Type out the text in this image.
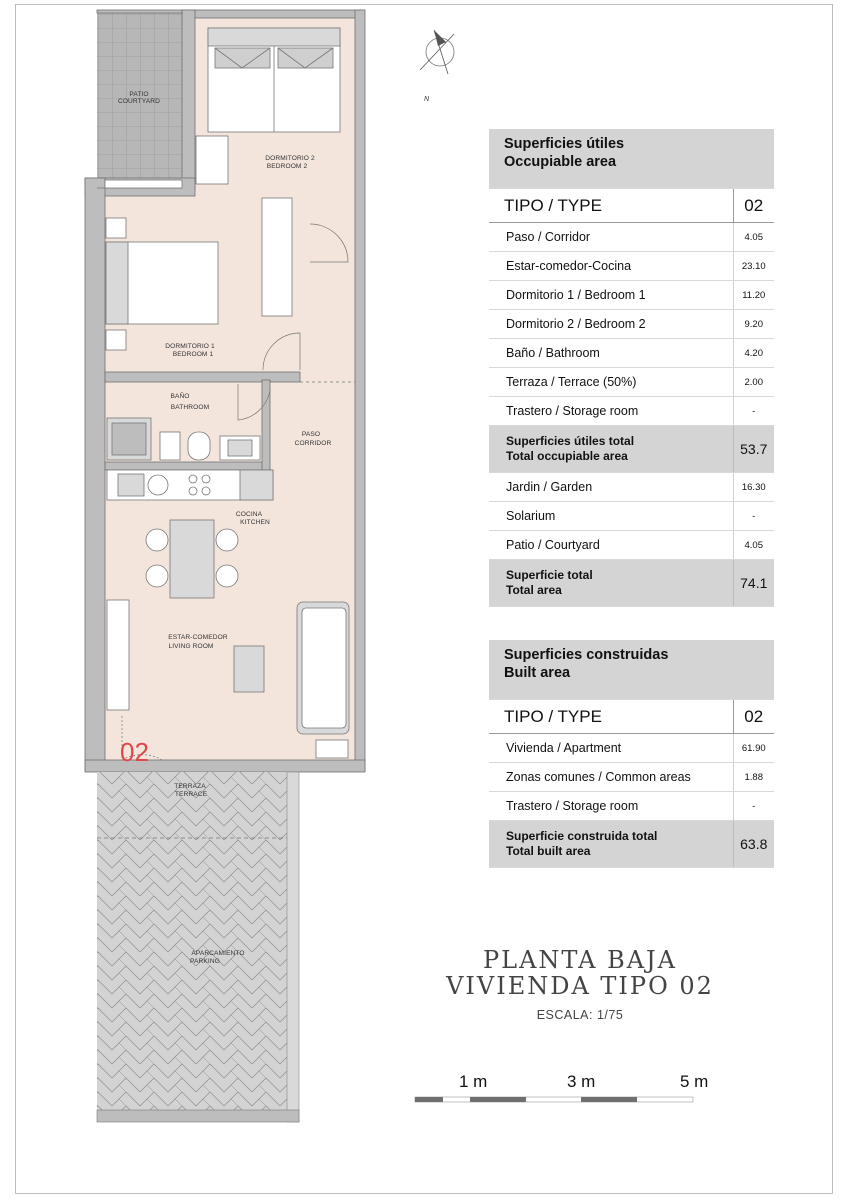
N
PATIO
COURTYARD
DORMITORIO 2
BEDROOM 2
DORMITORIO 1
BEDROOM 1
BAÑO
BATHROOM
PASO
CORRIDOR
COCINA
KITCHEN
ESTAR-COMEDOR
LIVING ROOM
TERRAZA
TERRACE
APARCAMIENTO
PARKING
02
Superficies útiles
Occupiable area	

TIPO / TYPE	02
Paso / Corridor	4.05
Estar-comedor-Cocina	23.10
Dormitorio 1 / Bedroom 1	11.20
Dormitorio 2 / Bedroom 2	9.20
Baño / Bathroom	4.20
Terraza / Terrace (50%)	2.00
Trastero / Storage room	-

Superficies útiles total
Total occupiable area	53.7
Jardin / Garden	16.30
Solarium	-
Patio / Courtyard	4.05

Superficie total
Total area	74.1
Superficies construidas
Built area	

TIPO / TYPE	02
Vivienda / Apartment	61.90
Zonas comunes / Common areas	1.88
Trastero / Storage room	-

Superficie construida total
Total built area	63.8
PLANTA BAJA
VIVIENDA TIPO 02
ESCALA: 1/75
1 m	3 m	5 m
